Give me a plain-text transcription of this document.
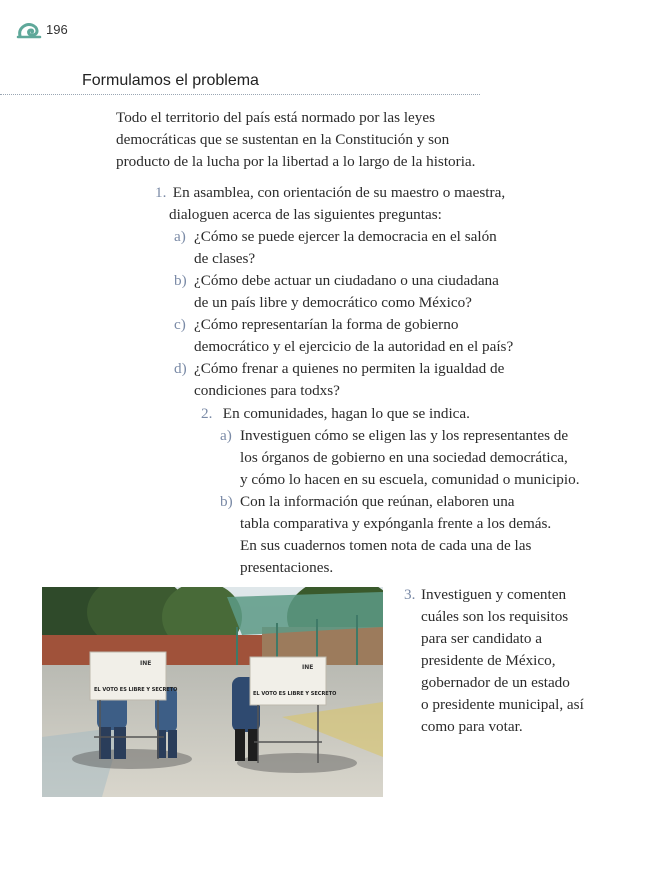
196
Formulamos el problema
Todo el territorio del país está normado por las leyes
democráticas que se sustentan en la Constitución y son
producto de la lucha por la libertad a lo largo de la historia.
1. En asamblea, con orientación de su maestro o maestra,
dialoguen acerca de las siguientes preguntas:
a) ¿Cómo se puede ejercer la democracia en el salón
de clases?
b) ¿Cómo debe actuar un ciudadano o una ciudadana
de un país libre y democrático como México?
c) ¿Cómo representarían la forma de gobierno
democrático y el ejercicio de la autoridad en el país?
d) ¿Cómo frenar a quienes no permiten la igualdad de
condiciones para todxs?
2. En comunidades, hagan lo que se indica.
a) Investiguen cómo se eligen las y los representantes de
los órganos de gobierno en una sociedad democrática,
y cómo lo hacen en su escuela, comunidad o municipio.
b) Con la información que reúnan, elaboren una
tabla comparativa y expónganla frente a los demás.
En sus cuadernos tomen nota de cada una de las
presentaciones.
INE
EL VOTO ES LIBRE Y SECRETO
INE
EL VOTO ES LIBRE Y SECRETO
3. Investiguen y comenten
cuáles son los requisitos
para ser candidato a
presidente de México,
gobernador de un estado
o presidente municipal, así
como para votar.
